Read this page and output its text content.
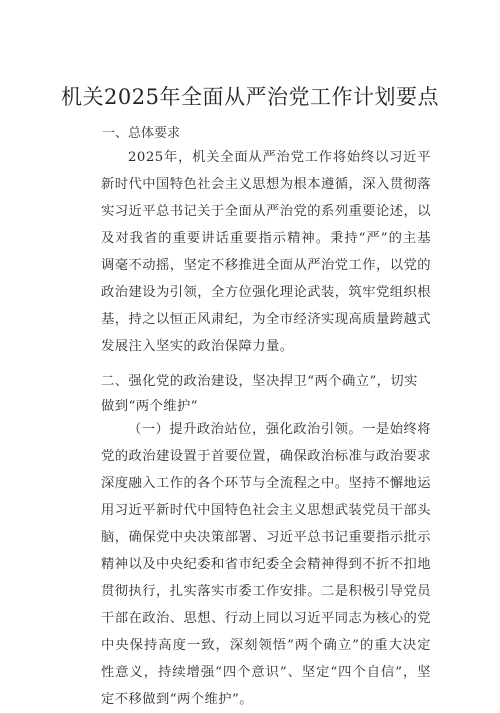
机关2025年全面从严治党工作计划要点
一、总体要求

2025年，机关全面从严治党工作将始终以习近平新时代中国特色社会主义思想为根本遵循，深入贯彻落实习近平总书记关于全面从严治党的系列重要论述，以及对我省的重要讲话重要指示精神。秉持“严”的主基调毫不动摇，坚定不移推进全面从严治党工作，以党的政治建设为引领，全方位强化理论武装，筑牢党组织根基，持之以恒正风肃纪，为全市经济实现高质量跨越式发展注入坚实的政治保障力量。

二、强化党的政治建设，坚决捍卫“两个确立”，切实做到“两个维护”

（一）提升政治站位，强化政治引领。一是始终将党的政治建设置于首要位置，确保政治标准与政治要求深度融入工作的各个环节与全流程之中。坚持不懈地运用习近平新时代中国特色社会主义思想武装党员干部头脑，确保党中央决策部署、习近平总书记重要指示批示精神以及中央纪委和省市纪委全会精神得到不折不扣地贯彻执行，扎实落实市委工作安排。二是积极引导党员干部在政治、思想、行动上同以习近平同志为核心的党中央保持高度一致，深刻领悟”两个确立”的重大决定性意义，持续增强“四个意识”、坚定“四个自信”，坚定不移做到“两个维护”。
